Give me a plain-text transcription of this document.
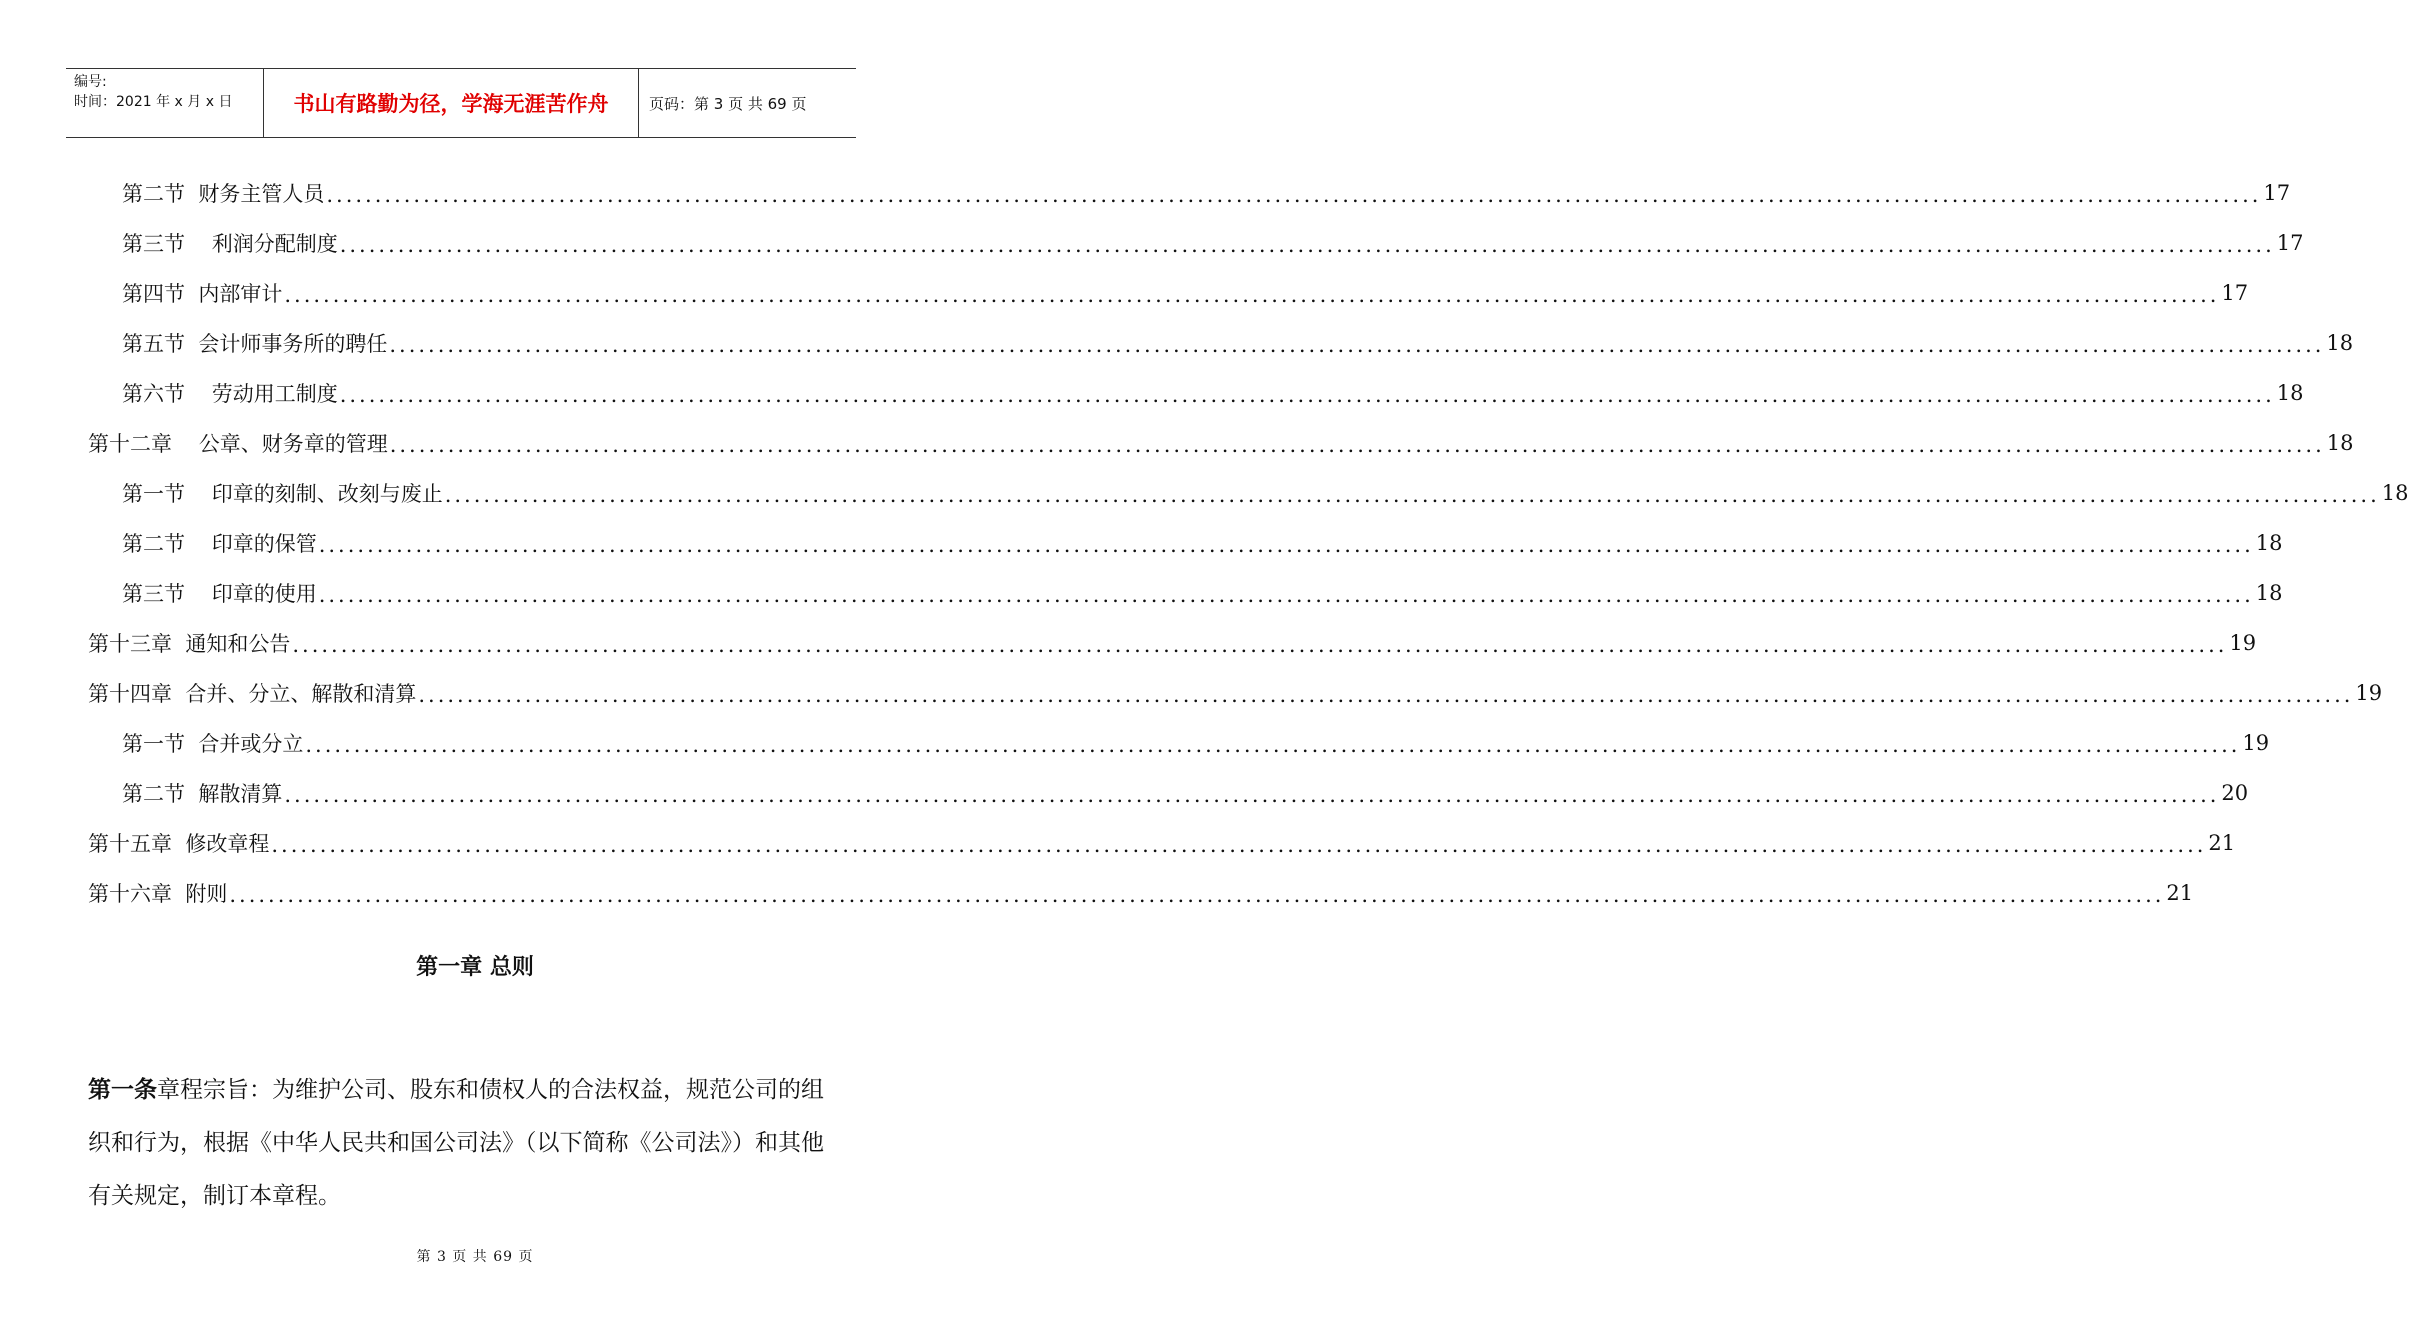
编号:
时间：2021 年 x 月 x 日	书山有路勤为径，学海无涯苦作舟	页码：第 3 页 共 69 页
第二节  财务主管人员 ........................................................................................................................................................................................................ 17
第三节    利润分配制度 ........................................................................................................................................................................................................ 17
第四节  内部审计 ........................................................................................................................................................................................................ 17
第五节  会计师事务所的聘任 ........................................................................................................................................................................................................ 18
第六节    劳动用工制度 ........................................................................................................................................................................................................ 18
第十二章    公章、财务章的管理 ........................................................................................................................................................................................................ 18
第一节    印章的刻制、改刻与废止 ........................................................................................................................................................................................................ 18
第二节    印章的保管 ........................................................................................................................................................................................................ 18
第三节    印章的使用 ........................................................................................................................................................................................................ 18
第十三章  通知和公告 ........................................................................................................................................................................................................ 19
第十四章  合并、分立、解散和清算 ........................................................................................................................................................................................................ 19
第一节  合并或分立 ........................................................................................................................................................................................................ 19
第二节  解散清算 ........................................................................................................................................................................................................ 20
第十五章  修改章程 ........................................................................................................................................................................................................ 21
第十六章  附则 ........................................................................................................................................................................................................ 21
第一章 总则

第一条章程宗旨：为维护公司、股东和债权人的合法权益，规范公司的组织和行为，根据《中华人民共和国公司法》（以下简称《公司法》）和其他有关规定，制订本章程。

第 3 页 共 69 页
